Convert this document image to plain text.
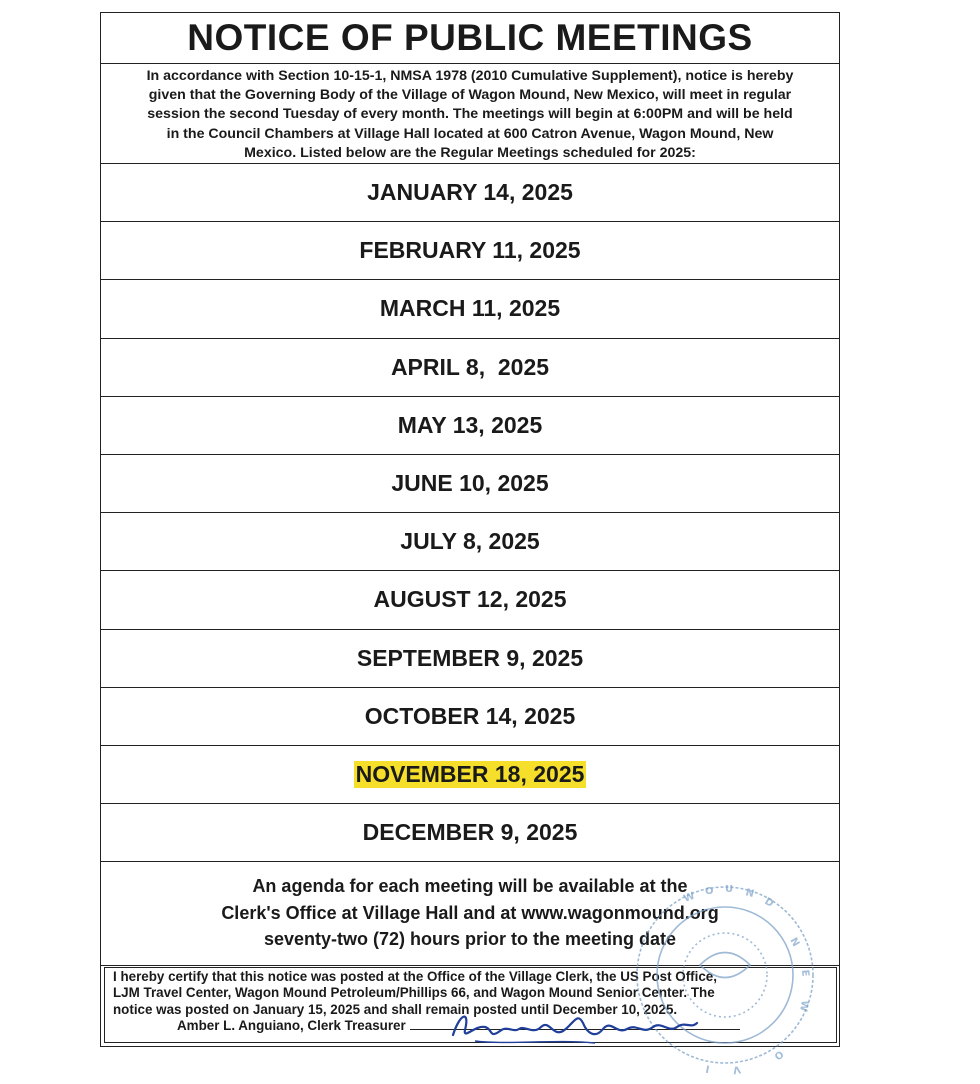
NOTICE OF PUBLIC MEETINGS
In accordance with Section 10-15-1, NMSA 1978 (2010 Cumulative Supplement), notice is hereby
given that the Governing Body of the Village of Wagon Mound, New Mexico, will meet in regular
session the second Tuesday of every month. The meetings will begin at 6:00PM and will be held
in the Council Chambers at Village Hall located at 600 Catron Avenue, Wagon Mound, New
Mexico. Listed below are the Regular Meetings scheduled for 2025:
JANUARY 14, 2025
FEBRUARY 11, 2025
MARCH 11, 2025
APRIL 8,  2025
MAY 13, 2025
JUNE 10, 2025
JULY 8, 2025
AUGUST 12, 2025
SEPTEMBER 9, 2025
OCTOBER 14, 2025
NOVEMBER 18, 2025
DECEMBER 9, 2025
An agenda for each meeting will be available at the
Clerk's Office at Village Hall and at www.wagonmound.org
seventy-two (72) hours prior to the meeting date
I hereby certify that this notice was posted at the Office of the Village Clerk, the US Post Office,
LJM Travel Center, Wagon Mound Petroleum/Phillips 66, and Wagon Mound Senior Center. The
notice was posted on January 15, 2025 and shall remain posted until December 10, 2025.
Amber L. Anguiano, Clerk Treasurer
W O U N
D
N
E
W
O
V
I
